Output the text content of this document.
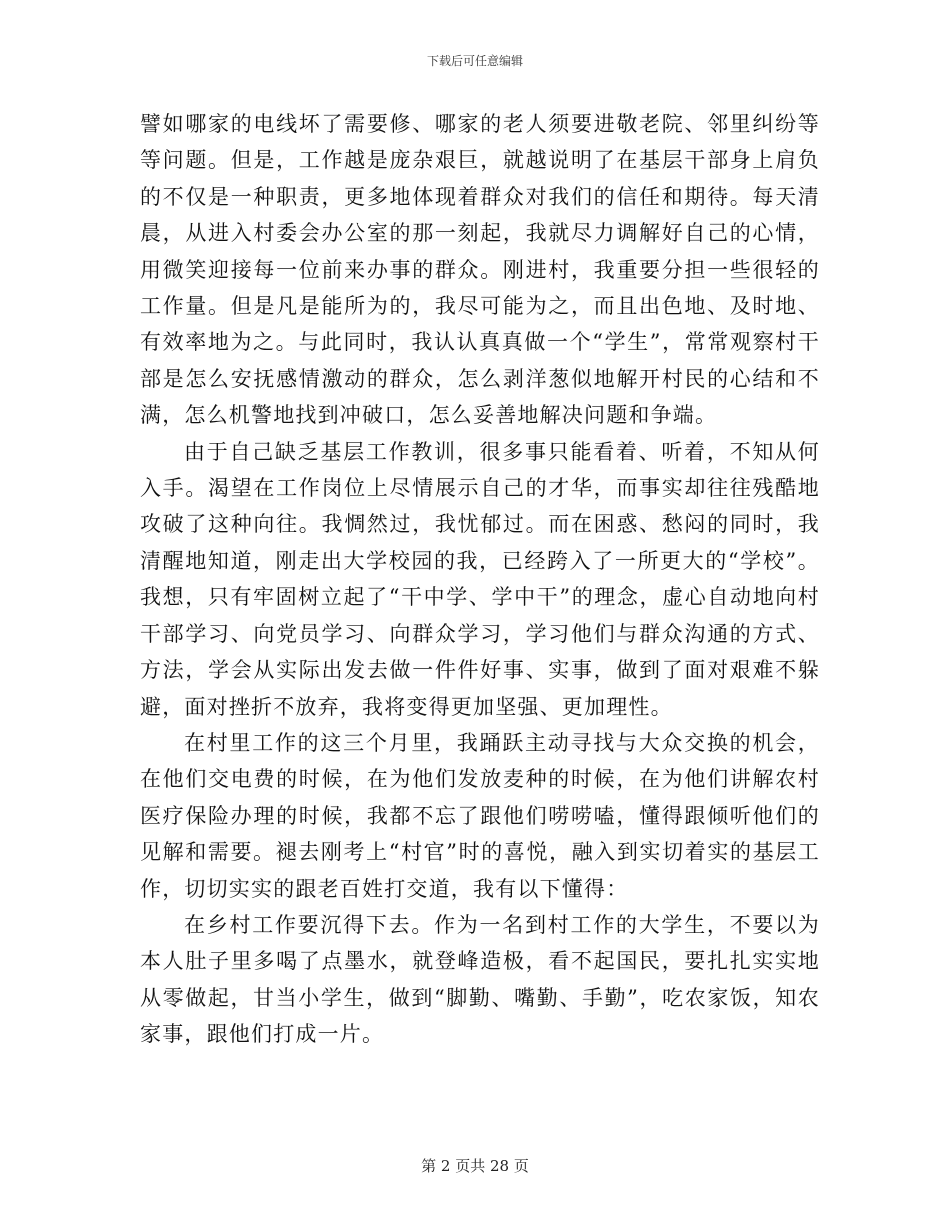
下载后可任意编辑

譬如哪家的电线坏了需要修、哪家的老人须要进敬老院、邻里纠纷等等问题。但是，工作越是庞杂艰巨，就越说明了在基层干部身上肩负的不仅是一种职责，更多地体现着群众对我们的信任和期待。每天清晨，从进入村委会办公室的那一刻起，我就尽力调解好自己的心情，用微笑迎接每一位前来办事的群众。刚进村，我重要分担一些很轻的工作量。但是凡是能所为的，我尽可能为之，而且出色地、及时地、有效率地为之。与此同时，我认认真真做一个“学生”，常常观察村干部是怎么安抚感情激动的群众，怎么剥洋葱似地解开村民的心结和不满，怎么机警地找到冲破口，怎么妥善地解决问题和争端。

由于自己缺乏基层工作教训，很多事只能看着、听着，不知从何入手。渴望在工作岗位上尽情展示自己的才华，而事实却往往残酷地攻破了这种向往。我惆然过，我忧郁过。而在困惑、愁闷的同时，我清醒地知道，刚走出大学校园的我，已经跨入了一所更大的“学校”。我想，只有牢固树立起了“干中学、学中干”的理念，虚心自动地向村干部学习、向党员学习、向群众学习，学习他们与群众沟通的方式、方法，学会从实际出发去做一件件好事、实事，做到了面对艰难不躲避，面对挫折不放弃，我将变得更加坚强、更加理性。

在村里工作的这三个月里，我踊跃主动寻找与大众交换的机会，在他们交电费的时候，在为他们发放麦种的时候，在为他们讲解农村医疗保险办理的时候，我都不忘了跟他们唠唠嗑，懂得跟倾听他们的见解和需要。褪去刚考上“村官”时的喜悦，融入到实切着实的基层工作，切切实实的跟老百姓打交道，我有以下懂得：

在乡村工作要沉得下去。作为一名到村工作的大学生，不要以为本人肚子里多喝了点墨水，就登峰造极，看不起国民，要扎扎实实地从零做起，甘当小学生，做到“脚勤、嘴勤、手勤”，吃农家饭，知农家事，跟他们打成一片。

第 2 页共 28 页
